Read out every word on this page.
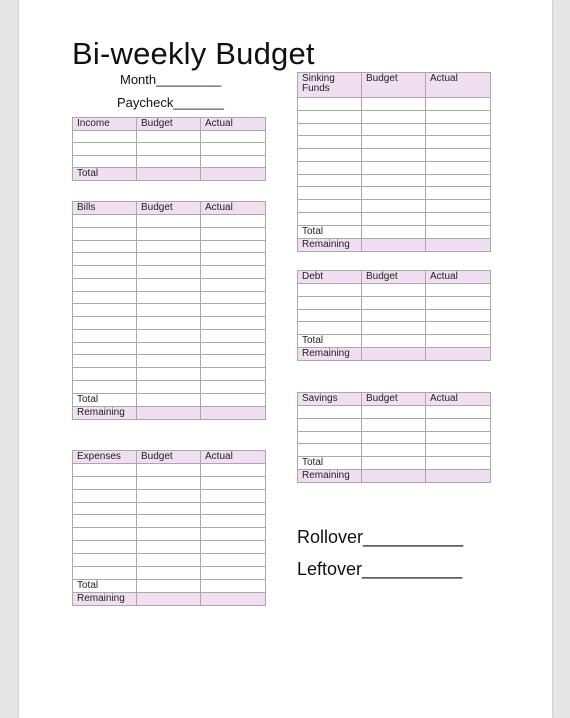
Bi-weekly Budget
Month_________
Paycheck_______
Income	Budget	Actual

Total		
Bills	Budget	Actual

Total		
Remaining		
Expenses	Budget	Actual

Total		
Remaining		
Sinking Funds	Budget	Actual

Total		
Remaining		
Debt	Budget	Actual

Total		
Remaining		
Savings	Budget	Actual

Total		
Remaining		
Rollover__________
Leftover__________
